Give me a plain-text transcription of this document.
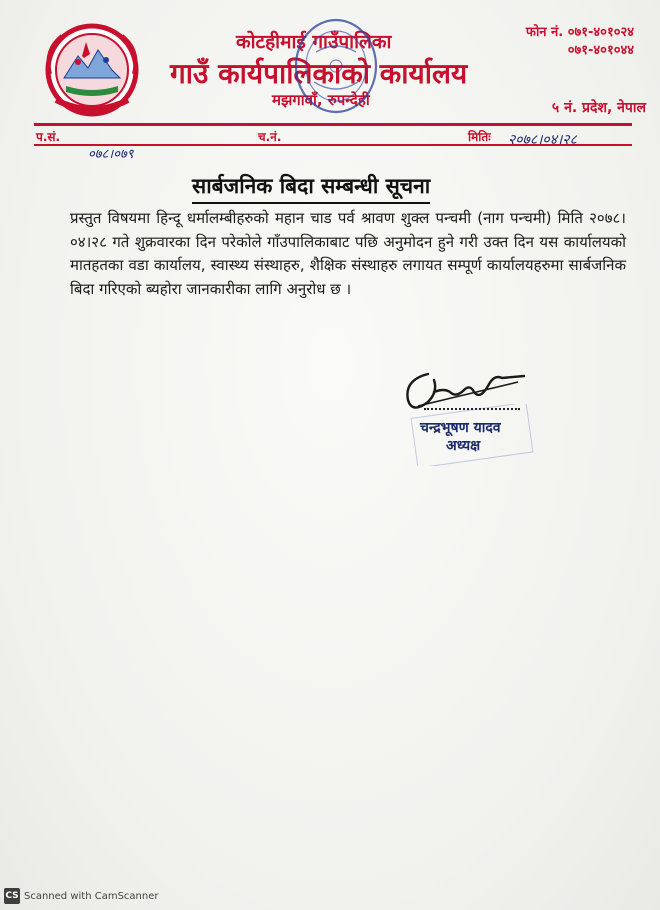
कोटहीमाई गाउँपालिका
गाउँ कार्यपालिकाको कार्यालय
मझगावाँ, रुपन्देही
फोन नं. ०७१-४०१०२४
०७१-४०१०४४
५ नं. प्रदेश, नेपाल
प.सं.
०७८।०७९
च.नं.	मितिः २०७८।०४।२८
सार्बजनिक बिदा सम्बन्धी सूचना
प्रस्तुत विषयमा हिन्दू धर्मालम्बीहरुको महान चाड पर्व श्रावण शुक्ल पन्चमी (नाग पन्चमी) मिति २०७८।०४।२८ गते शुक्रवारका दिन परेकोले गाँउपालिकाबाट पछि अनुमोदन हुने गरी उक्त दिन यस कार्यालयको मातहतका वडा कार्यालय, स्वास्थ्य संस्थाहरु, शैक्षिक संस्थाहरु लगायत सम्पूर्ण कार्यालयहरुमा सार्बजनिक बिदा गरिएको ब्यहोरा जानकारीका लागि अनुरोध छ ।
चन्द्रभूषण यादव
अध्यक्ष
CS Scanned with CamScanner
